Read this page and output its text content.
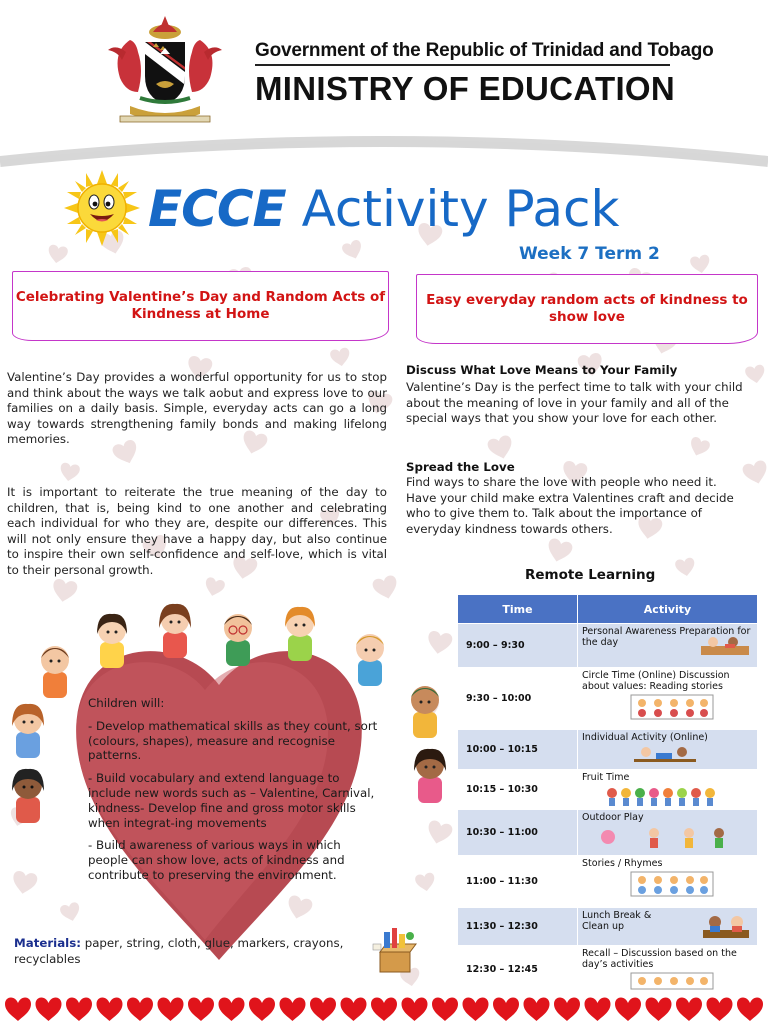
Government of the Republic of Trinidad and Tobago
MINISTRY OF EDUCATION
ECCE Activity Pack
Week 7 Term 2
Celebrating Valentine’s Day and Random Acts of Kindness at Home
Easy everyday random acts of kindness to show love
Valentine’s Day provides a wonderful opportunity for us to stop and think about the ways we talk aobut and express love to our families on a daily basis. Simple, everyday acts can go a long way towards strengthening family bonds and making lifelong memories.
It is important to reiterate the true meaning of the day to children, that is, being kind to one another and celebrating each individual for who they are, despite our differences. This will not only ensure they have a happy day, but also continue to inspire their own self-confidence and self-love, which is vital to their personal growth.
Discuss What Love Means to Your Family
Valentine’s Day is the perfect time to talk with your child about the meaning of love in your family and all of the special ways that you show your love for each other.
Spread the Love
Find ways to share the love with people who need it. Have your child make extra Valentines craft and decide who to give them to. Talk about the importance of everyday kindness towards others.

Children will:

- Develop mathematical skills as they count, sort (colours, shapes), measure and recognise patterns.

- Build vocabulary and extend language to include new words such as – Valentine, Carnival, kindness- Develop fine and gross motor skills when integrat-ing movements

- Build awareness of various ways in which people can show love, acts of kindness and contribute to preserving the environment.

Materials: paper, string, cloth, glue, markers, crayons, recyclables
Remote Learning
Time	Activity
9:00 – 9:30	Personal Awareness Preparation for the day

9:30 – 10:00	Circle Time (Online) Discussion about values: Reading stories

10:00 – 10:15	Individual Activity (Online)

10:15 – 10:30	Fruit Time

10:30 – 11:00	Outdoor Play

11:00 – 11:30	Stories / Rhymes

11:30 – 12:30	Lunch Break & Clean up

12:30 – 12:45	Recall – Discussion based on the day’s activities
